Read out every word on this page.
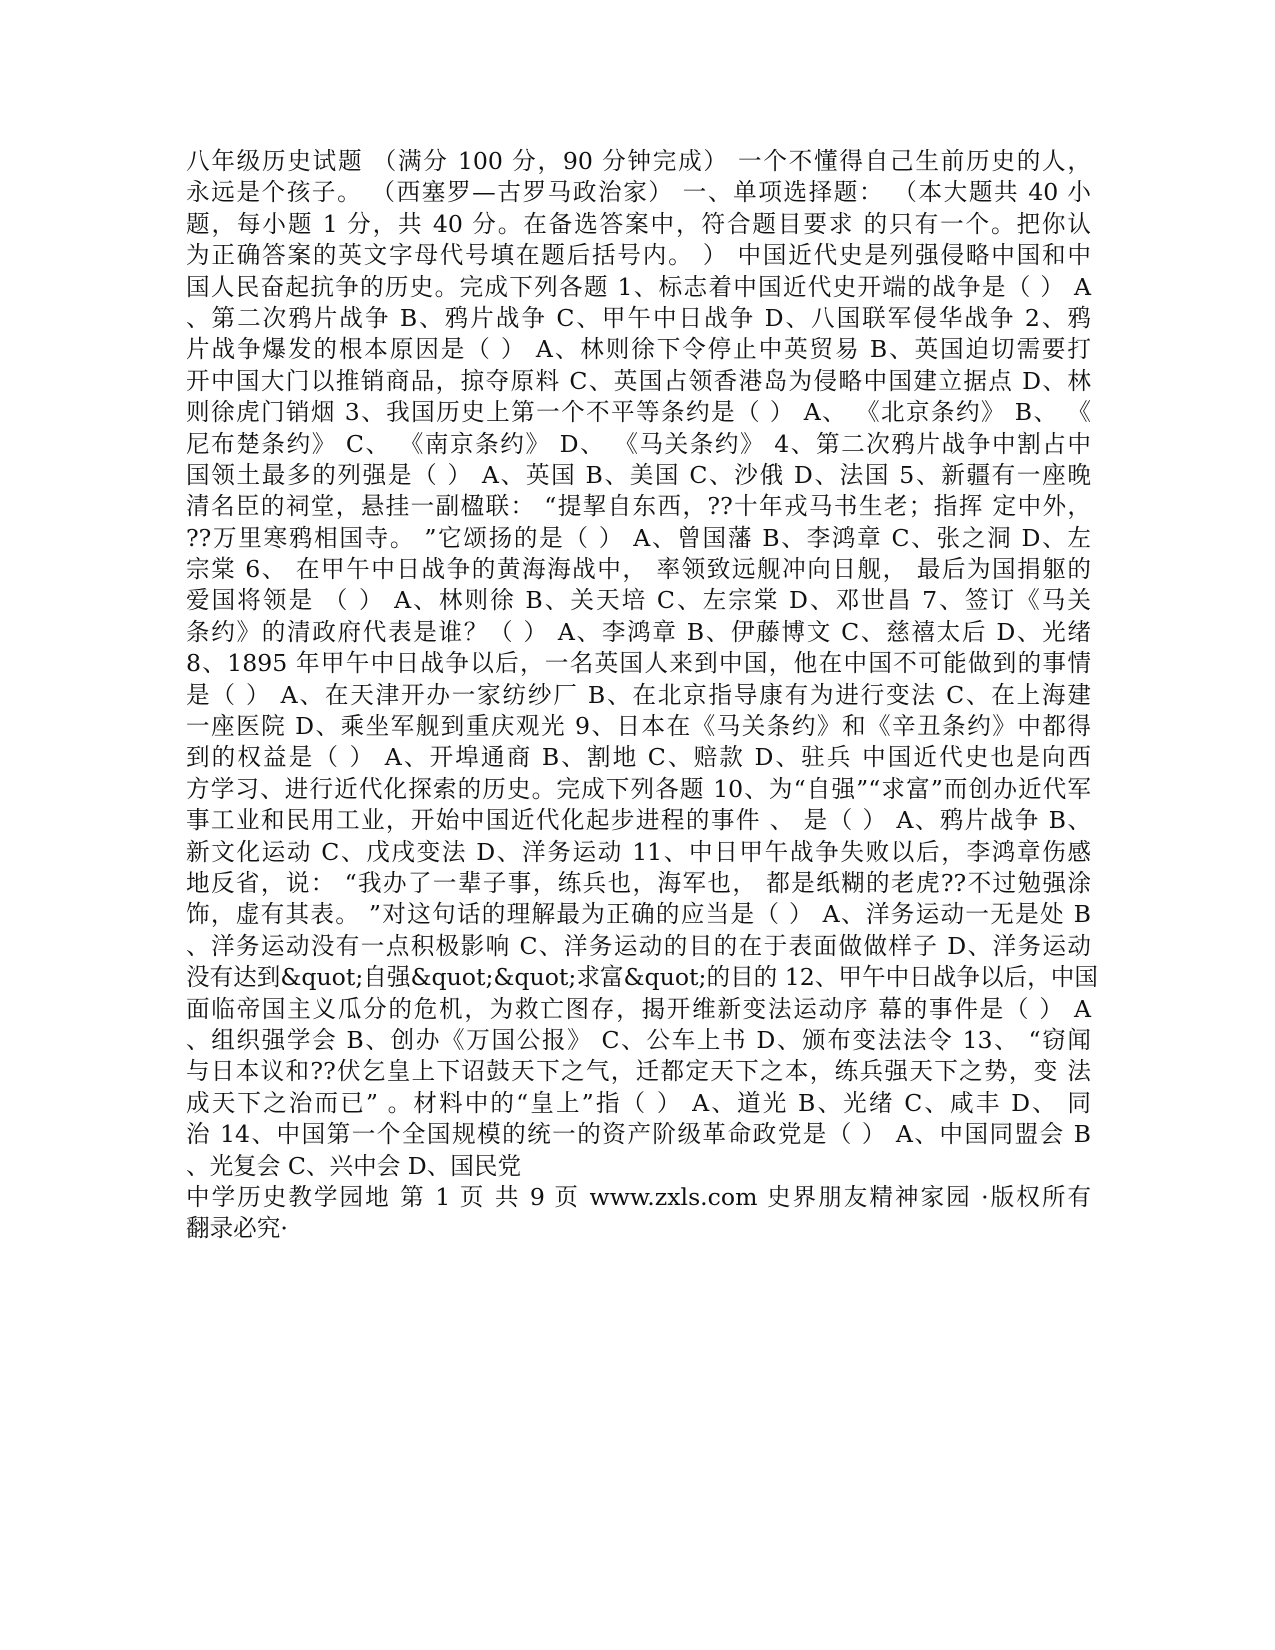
八年级历史试题 （满分 100 分，90 分钟完成） 一个不懂得自己生前历史的人，
永远是个孩子。 （西塞罗—古罗马政治家） 一、单项选择题： （本大题共 40 小
题，每小题 1 分，共 40 分。在备选答案中，符合题目要求 的只有一个。把你认
为正确答案的英文字母代号填在题后括号内。 ） 中国近代史是列强侵略中国和中
国人民奋起抗争的历史。完成下列各题 1、标志着中国近代史开端的战争是（ ） A
、第二次鸦片战争 B、鸦片战争 C、甲午中日战争 D、八国联军侵华战争 2、鸦
片战争爆发的根本原因是（ ） A、林则徐下令停止中英贸易 B、英国迫切需要打
开中国大门以推销商品，掠夺原料 C、英国占领香港岛为侵略中国建立据点 D、林
则徐虎门销烟 3、我国历史上第一个不平等条约是（ ） A、 《北京条约》 B、 《
尼布楚条约》 C、 《南京条约》 D、 《马关条约》 4、第二次鸦片战争中割占中
国领土最多的列强是（ ） A、英国 B、美国 C、沙俄 D、法国 5、新疆有一座晚
清名臣的祠堂，悬挂一副楹联： “提挈自东西，??十年戎马书生老；指挥 定中外，
??万里寒鸦相国寺。 ”它颂扬的是（ ） A、曾国藩 B、李鸿章 C、张之洞 D、左
宗棠 6、 在甲午中日战争的黄海海战中， 率领致远舰冲向日舰， 最后为国捐躯的
爱国将领是 （ ） A、林则徐 B、关天培 C、左宗棠 D、邓世昌 7、签订《马关
条约》的清政府代表是谁？（ ） A、李鸿章 B、伊藤博文 C、慈禧太后 D、光绪
8、1895 年甲午中日战争以后，一名英国人来到中国，他在中国不可能做到的事情
是（ ） A、在天津开办一家纺纱厂 B、在北京指导康有为进行变法 C、在上海建
一座医院 D、乘坐军舰到重庆观光 9、日本在《马关条约》和《辛丑条约》中都得
到的权益是（ ） A、开埠通商 B、割地 C、赔款 D、驻兵 中国近代史也是向西
方学习、进行近代化探索的历史。完成下列各题 10、为“自强”“求富”而创办近代军
事工业和民用工业，开始中国近代化起步进程的事件 、 是（ ） A、鸦片战争 B、
新文化运动 C、戊戌变法 D、洋务运动 11、中日甲午战争失败以后，李鸿章伤感
地反省，说： “我办了一辈子事，练兵也，海军也， 都是纸糊的老虎??不过勉强涂
饰，虚有其表。 ”对这句话的理解最为正确的应当是（ ） A、洋务运动一无是处 B
、洋务运动没有一点积极影响 C、洋务运动的目的在于表面做做样子 D、洋务运动
没有达到&quot;自强&quot;&quot;求富&quot;的目的 12、甲午中日战争以后，中国
面临帝国主义瓜分的危机，为救亡图存，揭开维新变法运动序 幕的事件是（ ） A
、组织强学会 B、创办《万国公报》 C、公车上书 D、颁布变法法令 13、 “窃闻
与日本议和??伏乞皇上下诏鼓天下之气，迁都定天下之本，练兵强天下之势，变 法
成天下之治而已” 。材料中的“皇上”指（ ） A、道光 B、光绪 C、咸丰 D、 同
治 14、中国第一个全国规模的统一的资产阶级革命政党是（ ） A、中国同盟会 B
、光复会 C、兴中会 D、国民党
中学历史教学园地 第 1 页 共 9 页 www.zxls.com 史界朋友精神家园 ·版权所有
翻录必究·
